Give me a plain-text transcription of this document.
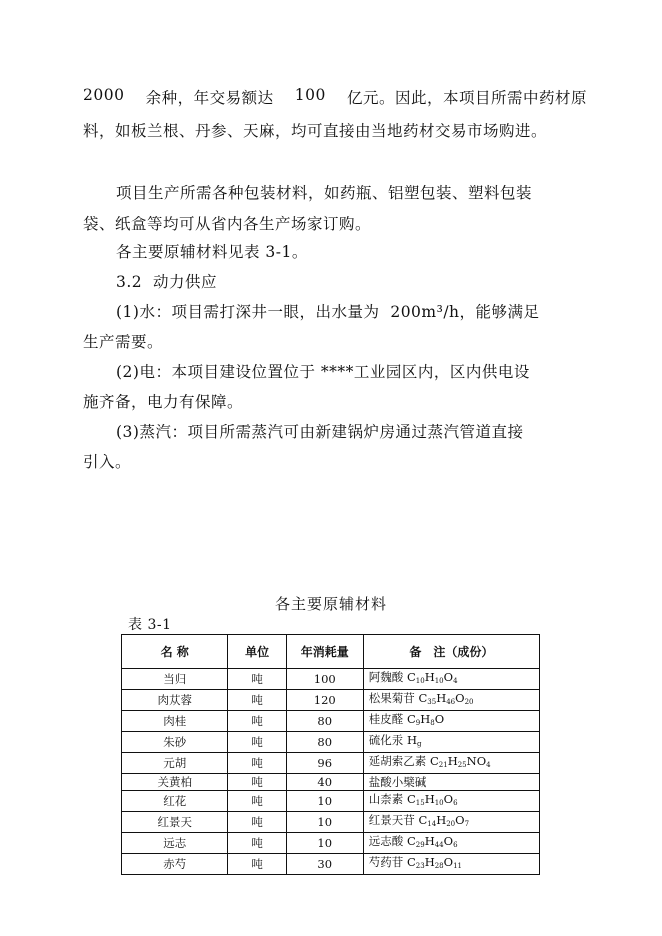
2000 余种，年交易额达 100 亿元。因此，本项目所需中药材原
料，如板兰根、丹参、天麻，均可直接由当地药材交易市场购进。
项目生产所需各种包装材料，如药瓶、铝塑包装、塑料包装
袋、纸盒等均可从省内各生产场家订购。
各主要原辅材料见表 3-1。
3.2 动力供应
(1)水：项目需打深井一眼，出水量为 200m³/h，能够满足
生产需要。
(2)电：本项目建设位置位于 ****工业园区内，区内供电设
施齐备，电力有保障。
(3)蒸汽：项目所需蒸汽可由新建锅炉房通过蒸汽管道直接
引入。
各主要原辅材料
表 3-1
名 称	单位	年消耗量	备　注（成份）
当归	吨	100	阿魏酸 $C_{10}H_{10}O_4$
肉苁蓉	吨	120	松果菊苷 $C_{35}H_{46}O_{20}$
肉桂	吨	80	桂皮醛 $C_9H_8O$
朱砂	吨	80	硫化汞 $H_g$
元胡	吨	96	延胡索乙素 $C_{21}H_{25}NO_4$
关黄柏	吨	40	盐酸小檗碱
红花	吨	10	山柰素 $C_{15}H_{10}O_6$
红景天	吨	10	红景天苷 $C_{14}H_{20}O_7$
远志	吨	10	远志酸 $C_{29}H_{44}O_6$
赤芍	吨	30	芍药苷 $C_{23}H_{28}O_{11}$
